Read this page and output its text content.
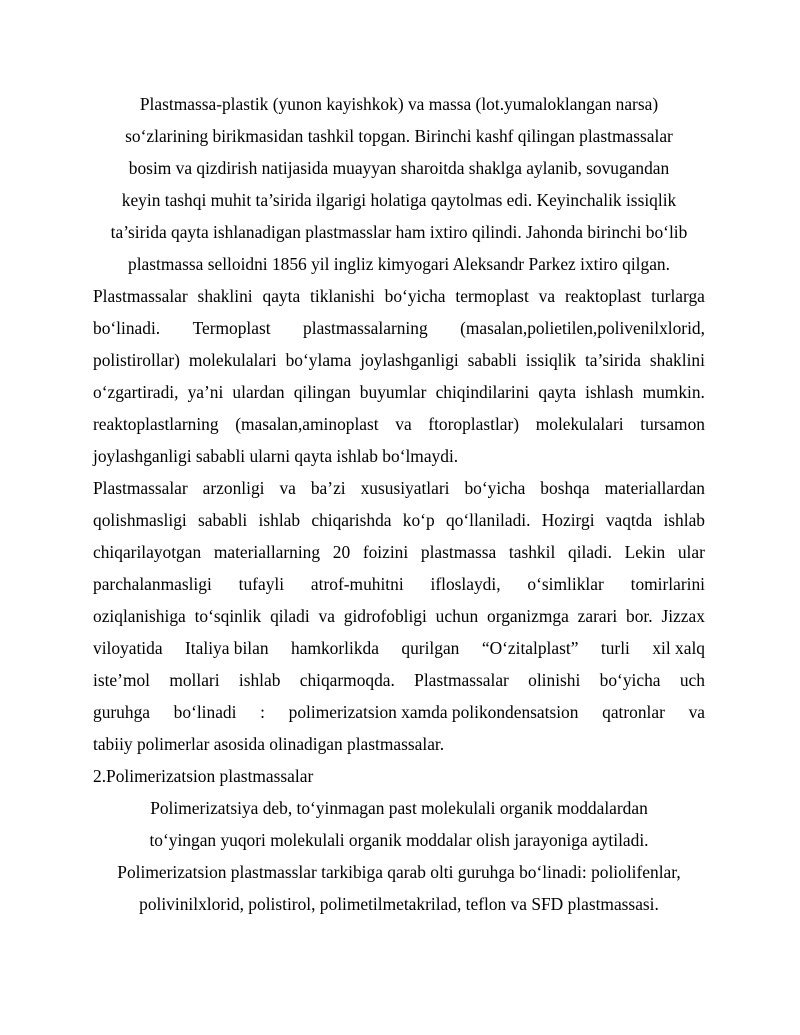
Plastmassa-plastik (yunon kayishkok) va massa (lot.yumaloklangan narsa)
so‘zlarining birikmasidan tashkil topgan. Birinchi kashf qilingan plastmassalar
bosim va qizdirish natijasida muayyan sharoitda shaklga aylanib, sovugandan
keyin tashqi muhit ta’sirida ilgarigi holatiga qaytolmas edi. Keyinchalik issiqlik
ta’sirida qayta ishlanadigan plastmasslar ham ixtiro qilindi. Jahonda birinchi bo‘lib
plastmassa selloidni 1856 yil ingliz kimyogari Aleksandr Parkez ixtiro qilgan.
Plastmassalar shaklini qayta tiklanishi bo‘yicha termoplast va reaktoplast turlarga
bo‘linadi. Termoplast plastmassalarning (masalan,polietilen,polivenilxlorid,
polistirollar) molekulalari bo‘ylama joylashganligi sababli issiqlik ta’sirida shaklini
o‘zgartiradi, ya’ni ulardan qilingan buyumlar chiqindilarini qayta ishlash mumkin.
reaktoplastlarning (masalan,aminoplast va ftoroplastlar) molekulalari tursamon
joylashganligi sababli ularni qayta ishlab bo‘lmaydi.
Plastmassalar arzonligi va ba’zi xususiyatlari bo‘yicha boshqa materiallardan
qolishmasligi sababli ishlab chiqarishda ko‘p qo‘llaniladi. Hozirgi vaqtda ishlab
chiqarilayotgan materiallarning 20 foizini plastmassa tashkil qiladi. Lekin ular
parchalanmasligi tufayli atrof-muhitni ifloslaydi, o‘simliklar tomirlarini
oziqlanishiga to‘sqinlik qiladi va gidrofobligi uchun organizmga zarari bor. Jizzax
viloyatida Italiya bilan hamkorlikda qurilgan “O‘zitalplast” turli xil xalq
iste’mol mollari ishlab chiqarmoqda. Plastmassalar olinishi bo‘yicha uch
guruhga bo‘linadi : polimerizatsion xamda polikondensatsion qatronlar va
tabiiy polimerlar asosida olinadigan plastmassalar.
2.Polimerizatsion plastmassalar
Polimerizatsiya deb, to‘yinmagan past molekulali organik moddalardan
to‘yingan yuqori molekulali organik moddalar olish jarayoniga aytiladi.
Polimerizatsion plastmasslar tarkibiga qarab olti guruhga bo‘linadi: poliolifenlar,
polivinilxlorid, polistirol, polimetilmetakrilad, teflon va SFD plastmassasi.
